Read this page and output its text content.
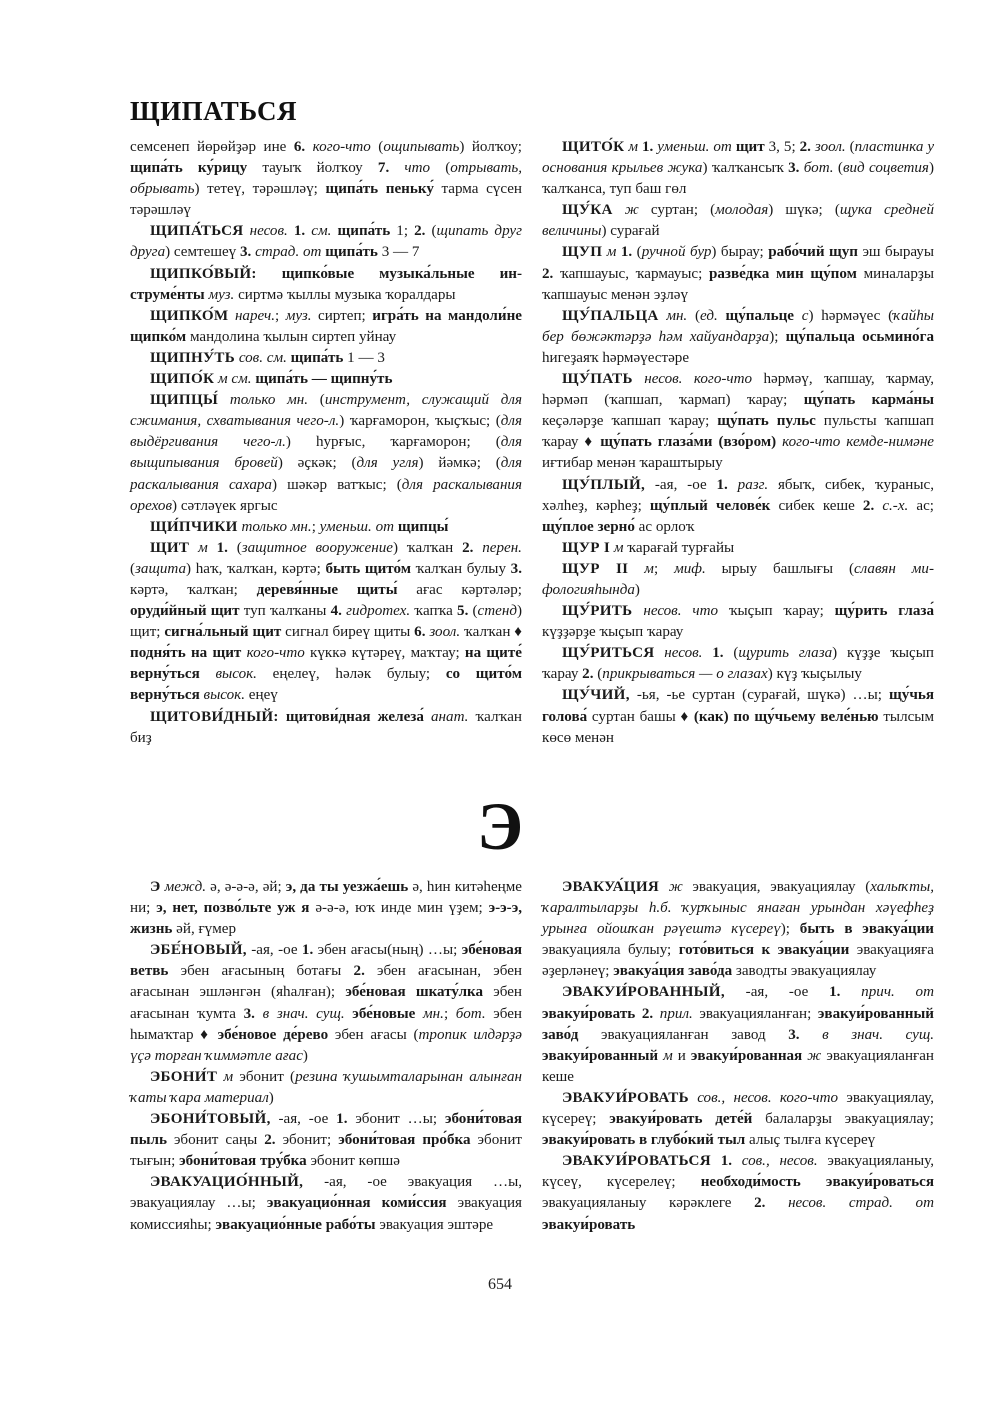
ЩИПАТЬСЯ

семсенеп йөрөйҙәр ине 6. кого-что (ощипывать) йолҡоу; щипа́ть ку́рицу тауыҡ йолҡоу 7. что (отрывать, обрывать) тетеү, тәрәшләү; щипа́ть пеньку́ тарма сүсен тәрәшләү

ЩИПА́ТЬСЯ несов. 1. см. щипа́ть 1; 2. (щипать друг друга) семтешеү 3. страд. от щипа́ть 3 — 7

ЩИПКО́ВЫЙ: щипко́вые музыка́льные инструме́нты муз. сиртмә ҡыллы музыка ҡоралдары

ЩИПКО́М нареч.; муз. сиртеп; игра́ть на мандоли́не щипко́м мандолина ҡылын сиртеп уйнау

ЩИПНУ́ТЬ сов. см. щипа́ть 1 — 3

ЩИПО́К м см. щипа́ть — щипну́ть

ЩИПЦЫ́ только мн. (инструмент, служащий для сжимания, схватывания чего-л.) ҡарғаморон, ҡыҫҡыс; (для выдёргивания чего-л.) һурғыс, ҡарғаморон; (для выщипывания бровей) әҫкәк; (для угля) йәмкә; (для раскалывания сахара) шәкәр ватҡыс; (для раскалывания орехов) сәтләүек яргыс

ЩИ́ПЧИКИ только мн.; уменьш. от щипцы́

ЩИТ м 1. (защитное вооружение) ҡалҡан 2. перен. (защита) һаҡ, ҡалҡан, кәртә; быть щито́м ҡалҡан булыу 3. кәртә, ҡалҡан; деревя́нные щиты́ ағас кәртәләр; оруди́йный щит туп ҡалҡаны 4. гидротех. ҡапҡа 5. (стенд) щит; сигна́льный щит сигнал биреү щиты 6. зоол. ҡалҡан ♦ подня́ть на щит кого-что күккә күтәреү, маҡтау; на щите́ верну́ться высок. еңелеү, һәләк булыу; со щито́м верну́ться высок. еңеү

ЩИТОВИ́ДНЫЙ: щитови́дная железа́ анат. ҡалҡан биҙ

ЩИТО́К м 1. уменьш. от щит 3, 5; 2. зоол. (пластинка у основания крыльев жука) ҡалҡансыҡ 3. бот. (вид соцветия) ҡалҡанса, туп баш гөл

ЩУ́КА ж суртан; (молодая) шүкә; (щука средней величины) сурағай

ЩУП м 1. (ручной бур) бырау; рабо́чий щуп эш бырауы 2. ҡапшауыс, ҡармауыс; разве́дка мин щу́пом миналарҙы ҡапшауыс менән эҙләү

ЩУ́ПАЛЬЦА мн. (ед. щу́пальце с) һәрмәүес (ҡайһы бер бөжәктәрҙә һәм хайуандарҙа); щу́пальца осьмино́га һигеҙаяҡ һәрмәүестәре

ЩУ́ПАТЬ несов. кого-что һәрмәү, ҡапшау, ҡармау, һәрмәп (ҡапшап, ҡармап) ҡарау; щу́пать карма́ны кеҫәләрҙе ҡапшап ҡарау; щу́пать пульс пульсты ҡапшап ҡарау ♦ щу́пать глаза́ми (взо́ром) кого-что кемде-нимәне иғтибар менән ҡараштырыу

ЩУ́ПЛЫЙ, -ая, -ое 1. разг. ябыҡ, сибек, ҡураныс, хәлһеҙ, кәрһеҙ; щу́плый челове́к сибек кеше 2. с.-х. ас; щу́плое зерно́ ас орлоҡ

ЩУР I м ҡарағай турғайы

ЩУР II м; миф. ырыу башлығы (славян мифологияһында)

ЩУ́РИТЬ несов. что ҡыҫып ҡарау; щу́рить глаза́ күҙҙәрҙе ҡыҫып ҡарау

ЩУ́РИТЬСЯ несов. 1. (щурить глаза) күҙҙе ҡыҫып ҡарау 2. (прикрываться — о глазах) күҙ ҡыҫылыу

ЩУ́ЧИЙ, -ья, -ье суртан (сурағай, шүкә) …ы; щу́чья голова́ суртан башы ♦ (как) по щу́чьему веле́нью тылсым көсө менән

Э

Э межд. ә, ә-ә-ә, әй; э, да ты уезжа́ешь ә, һин китәһеңме ни; э, нет, позво́льте уж я ә-ә-ә, юҡ инде мин үҙем; э-э-э, жизнь әй, ғүмер

ЭБЕ́НОВЫЙ, -ая, -ое 1. эбен ағасы(ның) …ы; эбе́новая ветвь эбен ағасының ботағы 2. эбен ағасынан, эбен ағасынан эшләнгән (яһалған); эбе́новая шкату́лка эбен ағасынан ҡумта 3. в знач. сущ. эбе́новые мн.; бот. эбен һымаҡтар ♦ эбе́новое де́рево эбен ағасы (тропик илдәрҙә үҫә торған ҡиммәтле ағас)

ЭБОНИ́Т м эбонит (резина ҡушымталарынан алынған ҡаты ҡара материал)

ЭБОНИ́ТОВЫЙ, -ая, -ое 1. эбонит …ы; эбони́товая пыль эбонит саңы 2. эбонит; эбони́товая про́бка эбонит тығын; эбони́товая тру́бка эбонит көпшә

ЭВАКУАЦИО́ННЫЙ, -ая, -ое эвакуация …ы, эвакуациялау …ы; эвакуацио́нная коми́ссия эвакуация комиссияһы; эвакуацио́нные рабо́ты эвакуация эштәре

ЭВАКУА́ЦИЯ ж эвакуация, эвакуациялау (халыҡты, ҡаралтыларҙы һ.б. ҡурҡыныс янаған урындан хәүефһеҙ урынға ойошҡан рәүештә күсереү); быть в эвакуа́ции эвакуацияла булыу; гото́виться к эвакуа́ции эвакуацияға әҙерләнеү; эвакуа́ция заво́да заводты эвакуациялау

ЭВАКУИ́РОВАННЫЙ, -ая, -ое 1. прич. от эвакуи́ровать 2. прил. эвакуацияланған; эвакуи́рованный заво́д эвакуацияланған завод 3. в знач. сущ. эвакуи́рованный м и эвакуи́рованная ж эвакуацияланған кеше

ЭВАКУИ́РОВАТЬ сов., несов. кого-что эвакуациялау, күсереү; эвакуи́ровать дете́й балаларҙы эвакуациялау; эвакуи́ровать в глубо́кий тыл алыҫ тылға күсереү

ЭВАКУИ́РОВАТЬСЯ 1. сов., несов. эвакуацияланыу, күсеү, күсерелеү; необходи́мость эвакуи́роваться эвакуацияланыу кәрәклеге 2. несов. страд. от эвакуи́ровать

654
